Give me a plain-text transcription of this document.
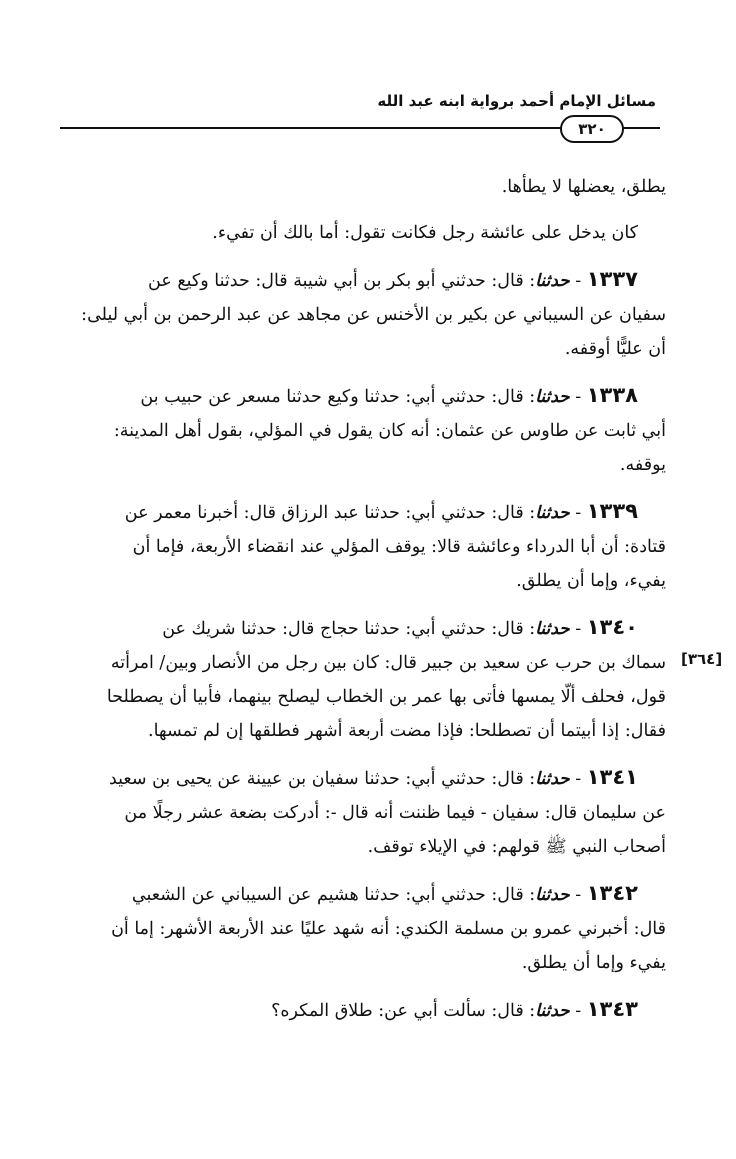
مسائل الإمام أحمد برواية ابنه عبد الله
٣٢٠
[٣٦٤]
يطلق، يعضلها لا يطأها.
كان يدخل على عائشة رجل فكانت تقول: أما بالك أن تفيء.
١٣٣٧ - حدثنا: قال: حدثني أبو بكر بن أبي شيبة قال: حدثنا وكيع عن
سفيان عن السيباني عن بكير بن الأخنس عن مجاهد عن عبد الرحمن بن أبي ليلى:
أن عليًّا أوقفه.
١٣٣٨ - حدثنا: قال: حدثني أبي: حدثنا وكيع حدثنا مسعر عن حبيب بن
أبي ثابت عن طاوس عن عثمان: أنه كان يقول في المؤلي، بقول أهل المدينة:
يوقفه.
١٣٣٩ - حدثنا: قال: حدثني أبي: حدثنا عبد الرزاق قال: أخبرنا معمر عن
قتادة: أن أبا الدرداء وعائشة قالا: يوقف المؤلي عند انقضاء الأربعة، فإما أن
يفيء، وإما أن يطلق.
١٣٤٠ - حدثنا: قال: حدثني أبي: حدثنا حجاج قال: حدثنا شريك عن
سماك بن حرب عن سعيد بن جبير قال: كان بين رجل من الأنصار وبين/ امرأته
قول، فحلف ألّا يمسها فأتى بها عمر بن الخطاب ليصلح بينهما، فأبيا أن يصطلحا
فقال: إذا أبيتما أن تصطلحا: فإذا مضت أربعة أشهر فطلقها إن لم تمسها.
١٣٤١ - حدثنا: قال: حدثني أبي: حدثنا سفيان بن عيينة عن يحيى بن سعيد
عن سليمان قال: سفيان - فيما ظننت أنه قال -: أدركت بضعة عشر رجلًا من
أصحاب النبي ﷺ قولهم: في الإيلاء توقف.
١٣٤٢ - حدثنا: قال: حدثني أبي: حدثنا هشيم عن السيباني عن الشعبي
قال: أخبرني عمرو بن مسلمة الكندي: أنه شهد عليًا عند الأربعة الأشهر: إما أن
يفيء وإما أن يطلق.
١٣٤٣ - حدثنا: قال: سألت أبي عن: طلاق المكره؟
